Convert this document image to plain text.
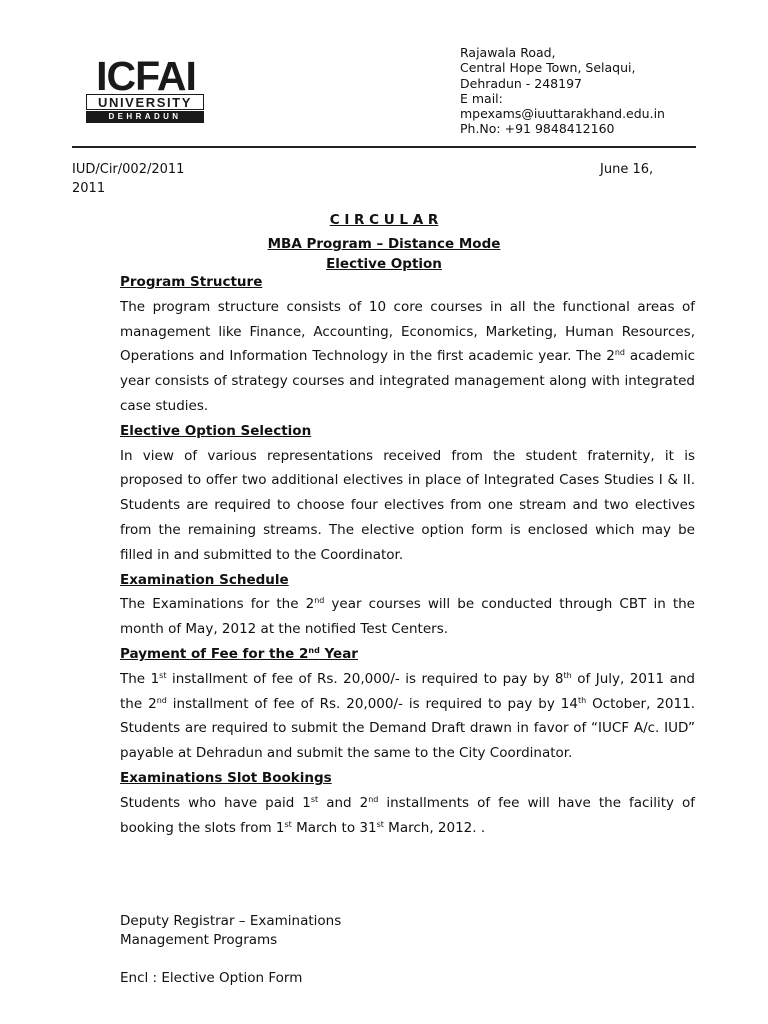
ICFAI
UNIVERSITY
DEHRADUN
Rajawala Road,
Central Hope Town, Selaqui,
Dehradun - 248197
E mail:
mpexams@iuuttarakhand.edu.in
Ph.No: +91 9848412160
IUD/Cir/002/2011	June 16,
2011
C I R C U L A R
MBA Program – Distance Mode
Elective Option
Program Structure

The program structure consists of 10 core courses in all the functional areas of management like Finance, Accounting, Economics, Marketing, Human Resources, Operations and Information Technology in the first academic year. The 2nd academic year consists of strategy courses and integrated management along with integrated case studies.

Elective Option Selection

In view of various representations received from the student fraternity, it is proposed to offer two additional electives in place of Integrated Cases Studies I & II. Students are required to choose four electives from one stream and two electives from the remaining streams. The elective option form is enclosed which may be filled in and submitted to the Coordinator.

Examination Schedule

The Examinations for the 2nd year courses will be conducted through CBT in the month of May, 2012 at the notified Test Centers.

Payment of Fee for the 2nd Year

The 1st installment of fee of Rs. 20,000/- is required to pay by 8th of July, 2011 and the 2nd installment of fee of Rs. 20,000/- is required to pay by 14th October, 2011. Students are required to submit the Demand Draft drawn in favor of “IUCF A/c. IUD” payable at Dehradun and submit the same to the City Coordinator.

Examinations Slot Bookings

Students who have paid 1st and 2nd installments of fee will have the facility of booking the slots from 1st March to 31st March, 2012. .

Deputy Registrar – Examinations
Management Programs
Encl : Elective Option Form
